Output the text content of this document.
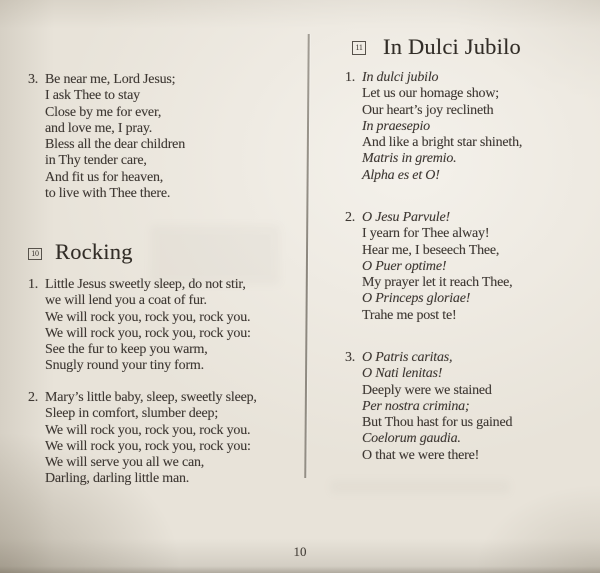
3. Be near me, Lord Jesus;
I ask Thee to stay
Close by me for ever,
and love me, I pray.
Bless all the dear children
in Thy tender care,
And fit us for heaven,
to live with Thee there.
10 Rocking
1. Little Jesus sweetly sleep, do not stir,
we will lend you a coat of fur.
We will rock you, rock you, rock you.
We will rock you, rock you, rock you:
See the fur to keep you warm,
Snugly round your tiny form.
2. Mary’s little baby, sleep, sweetly sleep,
Sleep in comfort, slumber deep;
We will rock you, rock you, rock you.
We will rock you, rock you, rock you:
We will serve you all we can,
Darling, darling little man.
11 In Dulci Jubilo
1. In dulci jubilo
Let us our homage show;
Our heart’s joy reclineth
In praesepio
And like a bright star shineth,
Matris in gremio.
Alpha es et O!
2. O Jesu Parvule!
I yearn for Thee alway!
Hear me, I beseech Thee,
O Puer optime!
My prayer let it reach Thee,
O Princeps gloriae!
Trahe me post te!
3. O Patris caritas,
O Nati lenitas!
Deeply were we stained
Per nostra crimina;
But Thou hast for us gained
Coelorum gaudia.
O that we were there!
10
